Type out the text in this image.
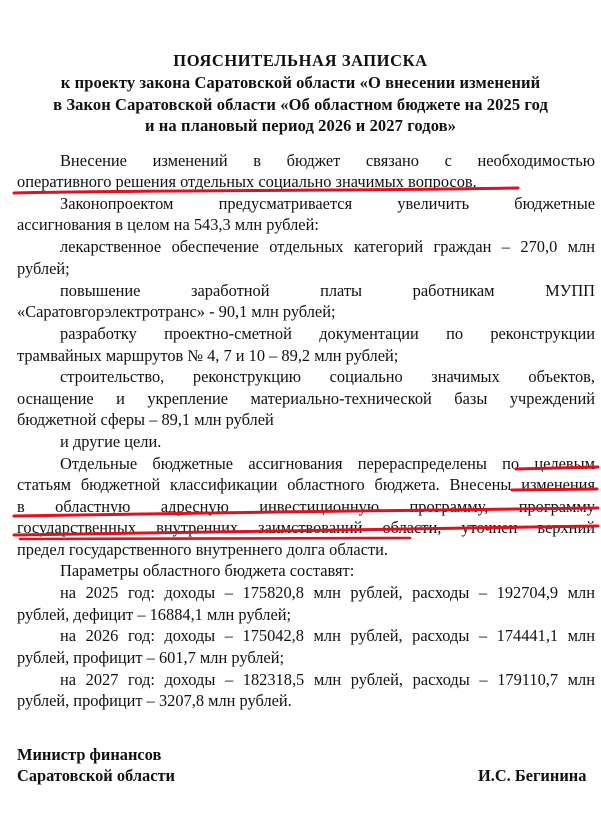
ПОЯСНИТЕЛЬНАЯ ЗАПИСКА
к проекту закона Саратовской области «О внесении изменений
в Закон Саратовской области «Об областном бюджете на 2025 год
и на плановый период 2026 и 2027 годов»
Внесение изменений в бюджет связано с необходимостью
оперативного решения отдельных социально значимых вопросов.
Законопроектом предусматривается увеличить бюджетные
ассигнования в целом на 543,3 млн рублей:
лекарственное обеспечение отдельных категорий граждан – 270,0 млн
рублей;
повышение заработной платы работникам МУПП
«Саратовгорэлектротранс» - 90,1 млн рублей;
разработку проектно-сметной документации по реконструкции
трамвайных маршрутов № 4, 7 и 10 – 89,2 млн рублей;
строительство, реконструкцию социально значимых объектов,
оснащение и укрепление материально-технической базы учреждений
бюджетной сферы – 89,1 млн рублей
и другие цели.
Отдельные бюджетные ассигнования перераспределены по целевым
статьям бюджетной классификации областного бюджета. Внесены изменения
в областную адресную инвестиционную программу, программу
государственных внутренних заимствований области, уточнен верхний
предел государственного внутреннего долга области.
Параметры областного бюджета составят:
на 2025 год: доходы – 175820,8 млн рублей, расходы – 192704,9 млн
рублей, дефицит – 16884,1 млн рублей;
на 2026 год: доходы – 175042,8 млн рублей, расходы – 174441,1 млн
рублей, профицит – 601,7 млн рублей;
на 2027 год: доходы – 182318,5 млн рублей, расходы – 179110,7 млн
рублей, профицит – 3207,8 млн рублей.
Министр финансов
Саратовской области	И.С. Бегинина
